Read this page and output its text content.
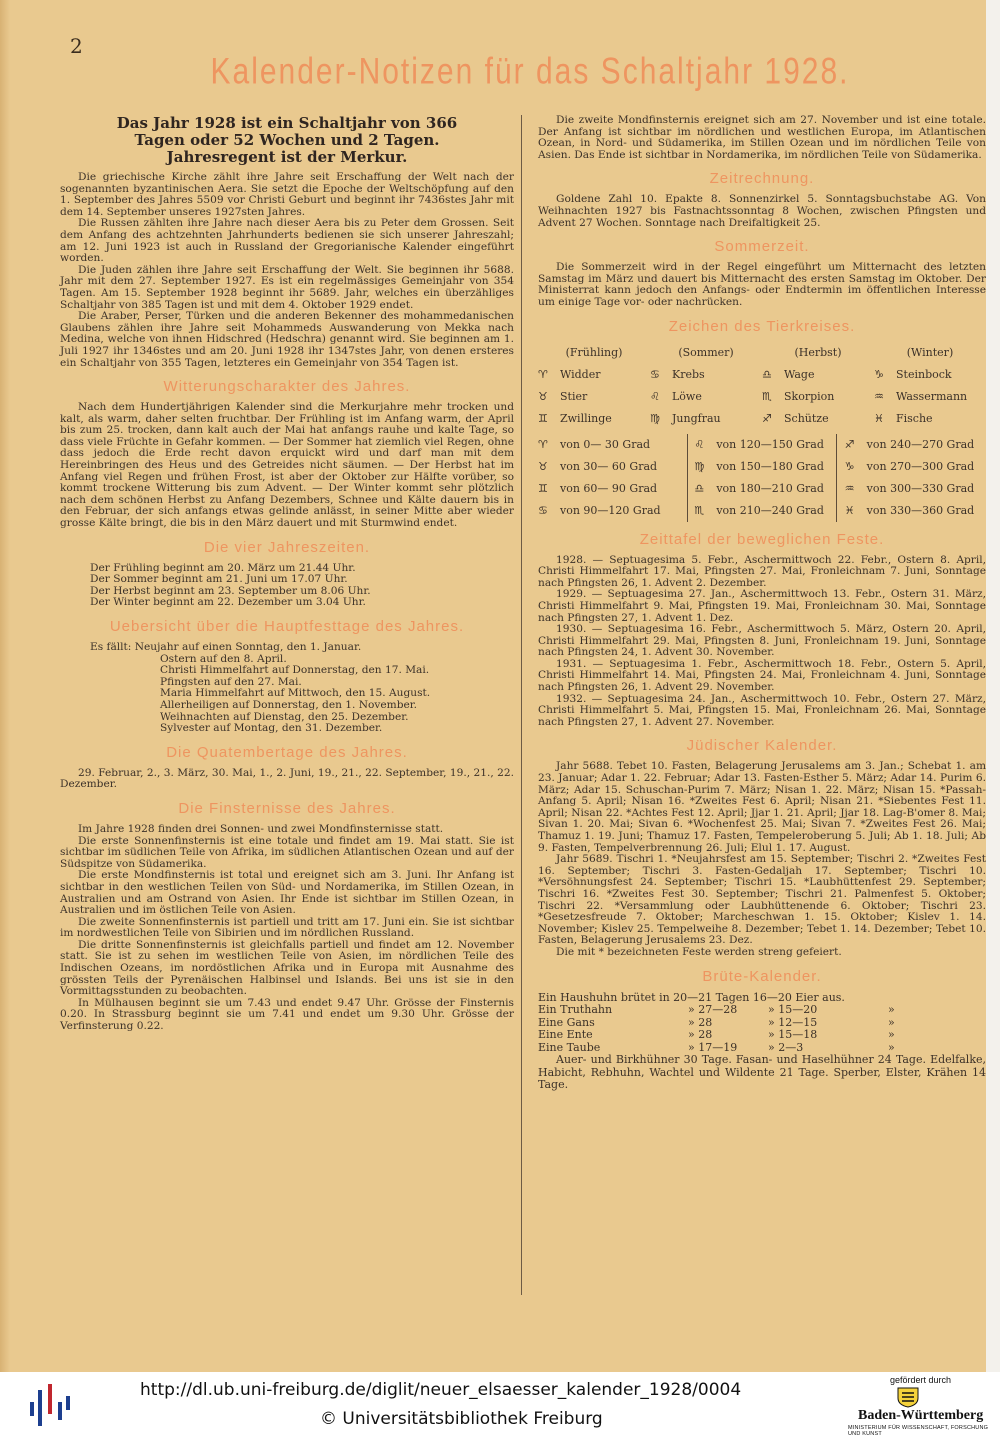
2
Kalender-Notizen für das Schaltjahr 1928.
Das Jahr 1928 ist ein Schaltjahr von 366
Tagen oder 52 Wochen und 2 Tagen.
Jahresregent ist der Merkur.

Die griechische Kirche zählt ihre Jahre seit Erschaffung der Welt nach der sogenannten byzantinischen Aera. Sie setzt die Epoche der Weltschöpfung auf den 1. September des Jahres 5509 vor Christi Geburt und beginnt ihr 7436stes Jahr mit dem 14. September unseres 1927sten Jahres.

Die Russen zählten ihre Jahre nach dieser Aera bis zu Peter dem Grossen. Seit dem Anfang des achtzehnten Jahrhunderts bedienen sie sich unserer Jahreszahl; am 12. Juni 1923 ist auch in Russland der Gregorianische Kalender eingeführt worden.

Die Juden zählen ihre Jahre seit Erschaffung der Welt. Sie beginnen ihr 5688. Jahr mit dem 27. September 1927. Es ist ein regelmässiges Gemeinjahr von 354 Tagen. Am 15. September 1928 beginnt ihr 5689. Jahr, welches ein überzähliges Schaltjahr von 385 Tagen ist und mit dem 4. Oktober 1929 endet.

Die Araber, Perser, Türken und die anderen Bekenner des mohammedanischen Glaubens zählen ihre Jahre seit Mohammeds Auswanderung von Mekka nach Medina, welche von ihnen Hidschred (Hedschra) genannt wird. Sie beginnen am 1. Juli 1927 ihr 1346stes und am 20. Juni 1928 ihr 1347stes Jahr, von denen ersteres ein Schaltjahr von 355 Tagen, letzteres ein Gemeinjahr von 354 Tagen ist.

Witterungscharakter des Jahres.

Nach dem Hundertjährigen Kalender sind die Merkurjahre mehr trocken und kalt, als warm, daher selten fruchtbar. Der Frühling ist im Anfang warm, der April bis zum 25. trocken, dann kalt auch der Mai hat anfangs rauhe und kalte Tage, so dass viele Früchte in Gefahr kommen. — Der Sommer hat ziemlich viel Regen, ohne dass jedoch die Erde recht davon erquickt wird und darf man mit dem Hereinbringen des Heus und des Getreides nicht säumen. — Der Herbst hat im Anfang viel Regen und frühen Frost, ist aber der Oktober zur Hälfte vorüber, so kommt trockene Witterung bis zum Advent. — Der Winter kommt sehr plötzlich nach dem schönen Herbst zu Anfang Dezembers, Schnee und Kälte dauern bis in den Februar, der sich anfangs etwas gelinde anlässt, in seiner Mitte aber wieder grosse Kälte bringt, die bis in den März dauert und mit Sturmwind endet.

Die vier Jahreszeiten.
Der Frühling beginnt am 20. März um 21.44 Uhr.
Der Sommer beginnt am 21. Juni um 17.07 Uhr.
Der Herbst beginnt am 23. September um 8.06 Uhr.
Der Winter beginnt am 22. Dezember um 3.04 Uhr.
Uebersicht über die Hauptfesttage des Jahres.
Es fällt: Neujahr auf einen Sonntag, den 1. Januar.
Ostern auf den 8. April.
Christi Himmelfahrt auf Donnerstag, den 17. Mai.
Pfingsten auf den 27. Mai.
Maria Himmelfahrt auf Mittwoch, den 15. August.
Allerheiligen auf Donnerstag, den 1. November.
Weihnachten auf Dienstag, den 25. Dezember.
Sylvester auf Montag, den 31. Dezember.
Die Quatembertage des Jahres.

29. Februar, 2., 3. März, 30. Mai, 1., 2. Juni, 19., 21., 22. September, 19., 21., 22. Dezember.

Die Finsternisse des Jahres.

Im Jahre 1928 finden drei Sonnen- und zwei Mondfinsternisse statt.

Die erste Sonnenfinsternis ist eine totale und findet am 19. Mai statt. Sie ist sichtbar im südlichen Teile von Afrika, im südlichen Atlantischen Ozean und auf der Südspitze von Südamerika.

Die erste Mondfinsternis ist total und ereignet sich am 3. Juni. Ihr Anfang ist sichtbar in den westlichen Teilen von Süd- und Nordamerika, im Stillen Ozean, in Australien und am Ostrand von Asien. Ihr Ende ist sichtbar im Stillen Ozean, in Australien und im östlichen Teile von Asien.

Die zweite Sonnenfinsternis ist partiell und tritt am 17. Juni ein. Sie ist sichtbar im nordwestlichen Teile von Sibirien und im nördlichen Russland.

Die dritte Sonnenfinsternis ist gleichfalls partiell und findet am 12. November statt. Sie ist zu sehen im westlichen Teile von Asien, im nördlichen Teile des Indischen Ozeans, im nordöstlichen Afrika und in Europa mit Ausnahme des grössten Teils der Pyrenäischen Halbinsel und Islands. Bei uns ist sie in den Vormittagsstunden zu beobachten.

In Mülhausen beginnt sie um 7.43 und endet 9.47 Uhr. Grösse der Finsternis 0.20. In Strassburg beginnt sie um 7.41 und endet um 9.30 Uhr. Grösse der Verfinsterung 0.22.

Die zweite Mondfinsternis ereignet sich am 27. November und ist eine totale. Der Anfang ist sichtbar im nördlichen und westlichen Europa, im Atlantischen Ozean, in Nord- und Südamerika, im Stillen Ozean und im nördlichen Teile von Asien. Das Ende ist sichtbar in Nordamerika, im nördlichen Teile von Südamerika.

Zeitrechnung.

Goldene Zahl 10. Epakte 8. Sonnenzirkel 5. Sonntagsbuchstabe AG. Von Weihnachten 1927 bis Fastnachtssonntag 8 Wochen, zwischen Pfingsten und Advent 27 Wochen. Sonntage nach Dreifaltigkeit 25.

Sommerzeit.

Die Sommerzeit wird in der Regel eingeführt um Mitternacht des letzten Samstag im März und dauert bis Mitternacht des ersten Samstag im Oktober. Der Ministerrat kann jedoch den Anfangs- oder Endtermin im öffentlichen Interesse um einige Tage vor- oder nachrücken.

Zeichen des Tierkreises.
(Frühling)	(Sommer)	(Herbst)	(Winter)
♈ Widder	♋ Krebs	♎ Wage	♑ Steinbock
♉ Stier	♌ Löwe	♏ Skorpion	♒ Wassermann
♊ Zwillinge	♍ Jungfrau	♐ Schütze	♓ Fische
♈ von 0— 30 Grad	♌ von 120—150 Grad	♐ von 240—270 Grad
♉ von 30— 60 Grad	♍ von 150—180 Grad	♑ von 270—300 Grad
♊ von 60— 90 Grad	♎ von 180—210 Grad	♒ von 300—330 Grad
♋ von 90—120 Grad	♏ von 210—240 Grad	♓ von 330—360 Grad
Zeittafel der beweglichen Feste.

1928. — Septuagesima 5. Febr., Aschermittwoch 22. Febr., Ostern 8. April, Christi Himmelfahrt 17. Mai, Pfingsten 27. Mai, Fronleichnam 7. Juni, Sonntage nach Pfingsten 26, 1. Advent 2. Dezember.

1929. — Septuagesima 27. Jan., Aschermittwoch 13. Febr., Ostern 31. März, Christi Himmelfahrt 9. Mai, Pfingsten 19. Mai, Fronleichnam 30. Mai, Sonntage nach Pfingsten 27, 1. Advent 1. Dez.

1930. — Septuagesima 16. Febr., Aschermittwoch 5. März, Ostern 20. April, Christi Himmelfahrt 29. Mai, Pfingsten 8. Juni, Fronleichnam 19. Juni, Sonntage nach Pfingsten 24, 1. Advent 30. November.

1931. — Septuagesima 1. Febr., Aschermittwoch 18. Febr., Ostern 5. April, Christi Himmelfahrt 14. Mai, Pfingsten 24. Mai, Fronleichnam 4. Juni, Sonntage nach Pfingsten 26, 1. Advent 29. November.

1932. — Septuagesima 24. Jan., Aschermittwoch 10. Febr., Ostern 27. März, Christi Himmelfahrt 5. Mai, Pfingsten 15. Mai, Fronleichnam 26. Mai, Sonntage nach Pfingsten 27, 1. Advent 27. November.

Jüdischer Kalender.

Jahr 5688. Tebet 10. Fasten, Belagerung Jerusalems am 3. Jan.; Schebat 1. am 23. Januar; Adar 1. 22. Februar; Adar 13. Fasten-Esther 5. März; Adar 14. Purim 6. März; Adar 15. Schuschan-Purim 7. März; Nisan 1. 22. März; Nisan 15. *Passah-Anfang 5. April; Nisan 16. *Zweites Fest 6. April; Nisan 21. *Siebentes Fest 11. April; Nisan 22. *Achtes Fest 12. April; Jjar 1. 21. April; Jjar 18. Lag-B'omer 8. Mai; Sivan 1. 20. Mai; Sivan 6. *Wochenfest 25. Mai; Sivan 7. *Zweites Fest 26. Mai; Thamuz 1. 19. Juni; Thamuz 17. Fasten, Tempeleroberung 5. Juli; Ab 1. 18. Juli; Ab 9. Fasten, Tempelverbrennung 26. Juli; Elul 1. 17. August.

Jahr 5689. Tischri 1. *Neujahrsfest am 15. September; Tischri 2. *Zweites Fest 16. September; Tischri 3. Fasten-Gedaljah 17. September; Tischri 10. *Versöhnungsfest 24. September; Tischri 15. *Laubhüttenfest 29. September; Tischri 16. *Zweites Fest 30. September; Tischri 21. Palmenfest 5. Oktober; Tischri 22. *Versammlung oder Laubhüttenende 6. Oktober; Tischri 23. *Gesetzesfreude 7. Oktober; Marcheschwan 1. 15. Oktober; Kislev 1. 14. November; Kislev 25. Tempelweihe 8. Dezember; Tebet 1. 14. Dezember; Tebet 10. Fasten, Belagerung Jerusalems 23. Dez.

Die mit * bezeichneten Feste werden streng gefeiert.

Brüte-Kalender.
Ein Haushuhn brütet in 20—21 Tagen 16—20 Eier aus.
Ein Truthahn	» 27—28	» 15—20	»
Eine Gans	» 28	» 12—15	»
Eine Ente	» 28	» 15—18	»
Eine Taube	» 17—19	» 2—3	»

Auer- und Birkhühner 30 Tage. Fasan- und Haselhühner 24 Tage. Edelfalke, Habicht, Rebhuhn, Wachtel und Wildente 21 Tage. Sperber, Elster, Krähen 14 Tage.

http://dl.ub.uni-freiburg.de/diglit/neuer_elsaesser_kalender_1928/0004
© Universitätsbibliothek Freiburg
gefördert durch
Baden-Württemberg
MINISTERIUM FÜR WISSENSCHAFT, FORSCHUNG UND KUNST
